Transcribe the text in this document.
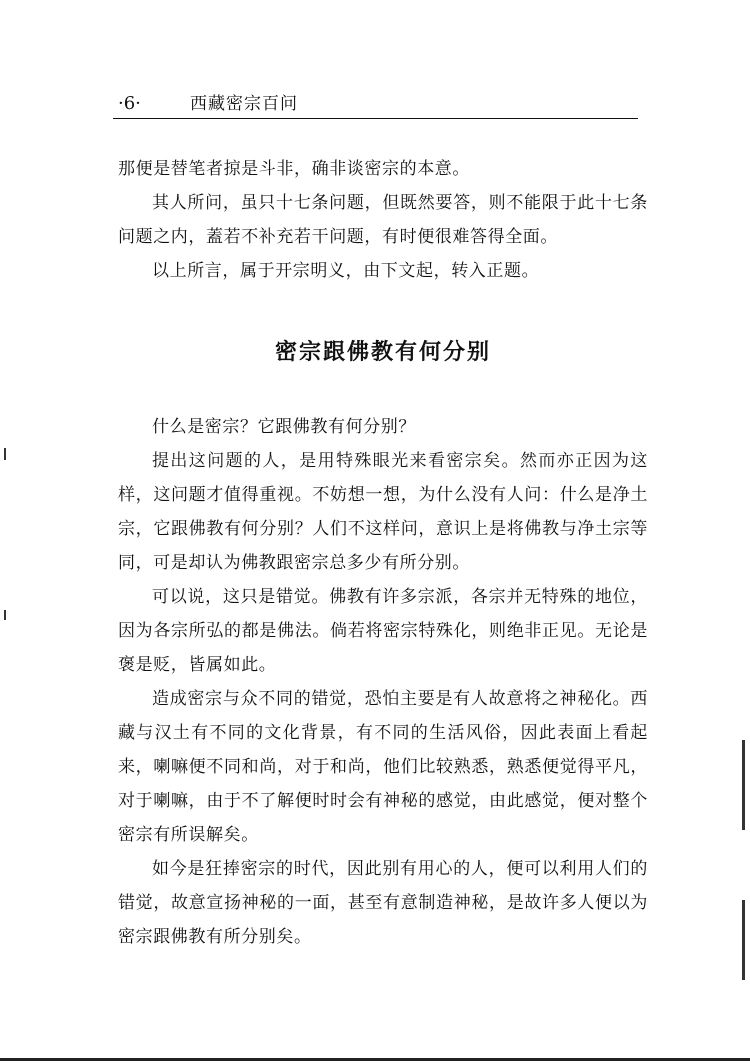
·6·	西藏密宗百问

那便是替笔者掠是斗非，确非谈密宗的本意。

其人所问，虽只十七条问题，但既然要答，则不能限于此十七条问题之内，蓋若不补充若干问题，有时便很难答得全面。

以上所言，属于开宗明义，由下文起，转入正题。

密宗跟佛教有何分别

什么是密宗？它跟佛教有何分别？

提出这问题的人，是用特殊眼光来看密宗矣。然而亦正因为这样，这问题才值得重视。不妨想一想，为什么没有人问：什么是净土宗，它跟佛教有何分别？人们不这样问，意识上是将佛教与净土宗等同，可是却认为佛教跟密宗总多少有所分别。

可以说，这只是错觉。佛教有许多宗派，各宗并无特殊的地位，因为各宗所弘的都是佛法。倘若将密宗特殊化，则绝非正见。无论是褒是贬，皆属如此。

造成密宗与众不同的错觉，恐怕主要是有人故意将之神秘化。西藏与汉土有不同的文化背景，有不同的生活风俗，因此表面上看起来，喇嘛便不同和尚，对于和尚，他们比较熟悉，熟悉便觉得平凡，对于喇嘛，由于不了解便时时会有神秘的感觉，由此感觉，便对整个密宗有所误解矣。

如今是狂捧密宗的时代，因此别有用心的人，便可以利用人们的错觉，故意宣扬神秘的一面，甚至有意制造神秘，是故许多人便以为密宗跟佛教有所分别矣。
